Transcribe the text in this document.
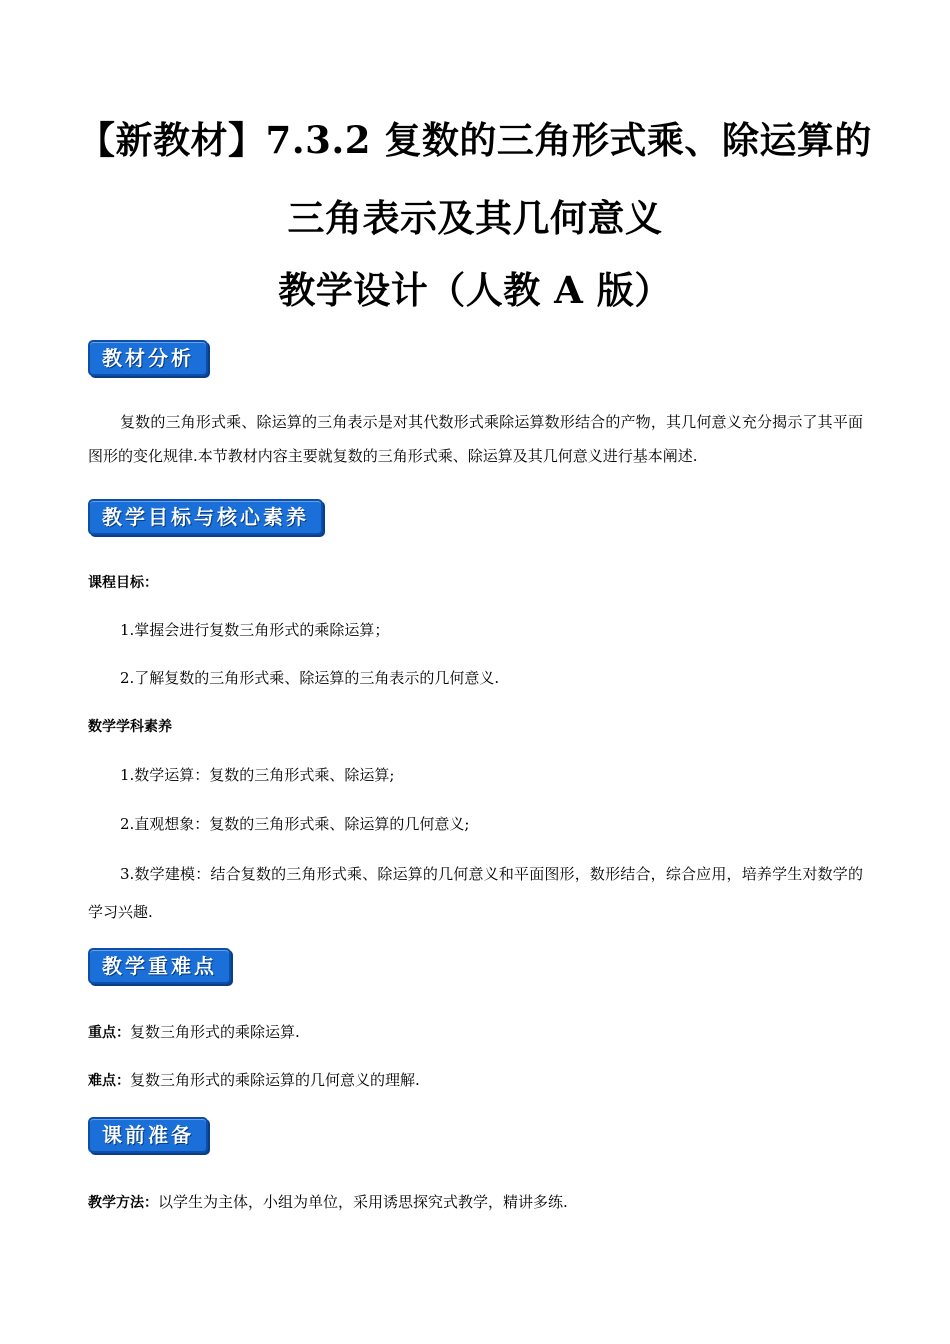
【新教材】7.3.2 复数的三角形式乘、除运算的
三角表示及其几何意义
教学设计（人教 A 版）
教材分析
复数的三角形式乘、除运算的三角表示是对其代数形式乘除运算数形结合的产物，其几何意义充分揭示了其平面图形的变化规律.本节教材内容主要就复数的三角形式乘、除运算及其几何意义进行基本阐述.
教学目标与核心素养
课程目标：
1.掌握会进行复数三角形式的乘除运算；
2.了解复数的三角形式乘、除运算的三角表示的几何意义.
数学学科素养
1.数学运算：复数的三角形式乘、除运算;
2.直观想象：复数的三角形式乘、除运算的几何意义;
3.数学建模：结合复数的三角形式乘、除运算的几何意义和平面图形，数形结合，综合应用，培养学生对数学的学习兴趣.
教学重难点
重点：复数三角形式的乘除运算.
难点：复数三角形式的乘除运算的几何意义的理解.
课前准备
教学方法：以学生为主体，小组为单位，采用诱思探究式教学，精讲多练.
